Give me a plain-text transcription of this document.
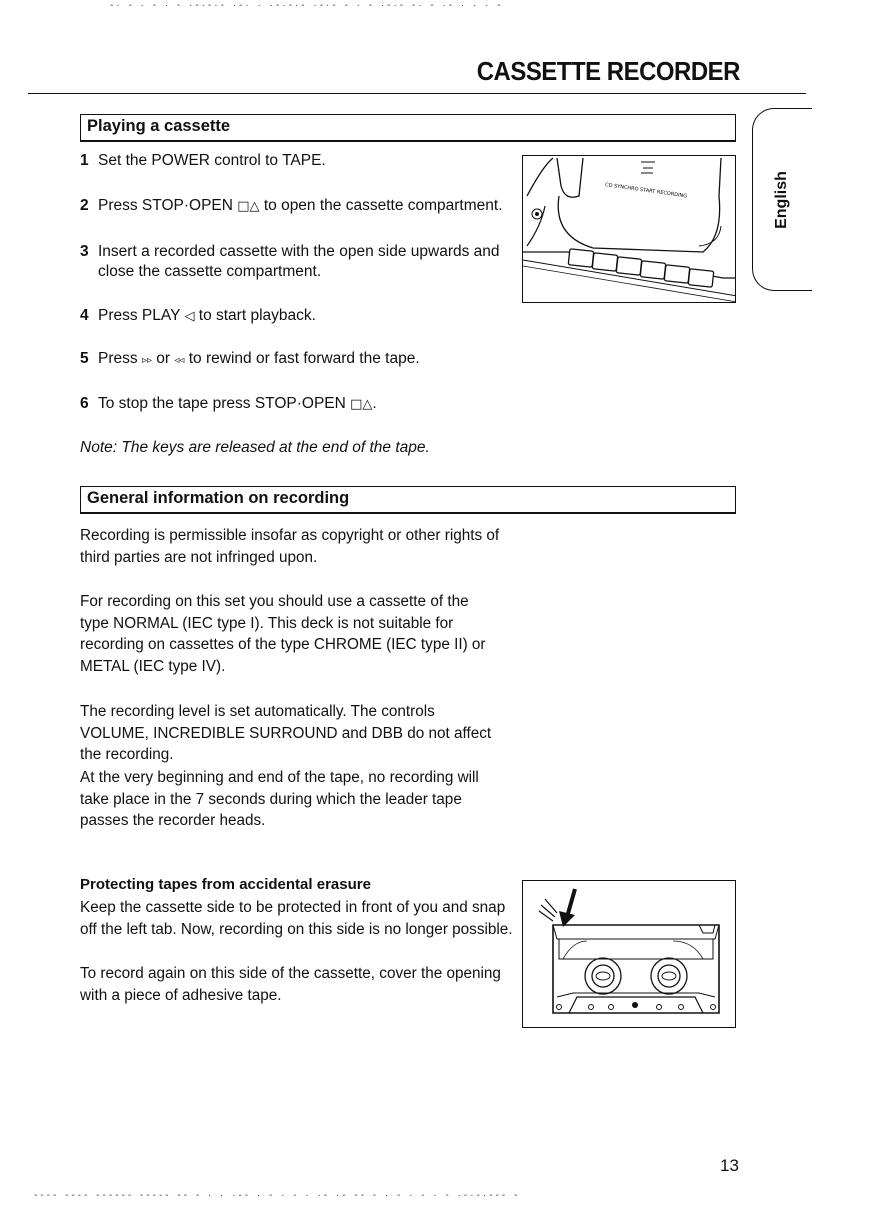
-· - · - · - ·-·-·- ·-· · ·-·-·- ·-·- - · - ·-·- -· - ·- · · · -
CASSETTE RECORDER
English
Playing a cassette
1 Set the POWER control to TAPE.
2 Press STOP·OPEN □△ to open the cassette compartment.
3 Insert a recorded cassette with the open side upwards and close the cassette compartment.
4 Press PLAY ◁ to start playback.
5 Press ▹▹ or ◃◃ to rewind or fast forward the tape.
6 To stop the tape press STOP·OPEN □△.
Note: The keys are released at the end of the tape.
CD SYNCHRO START RECORDING
General information on recording
Recording is permissible insofar as copyright or other rights of third parties are not infringed upon.
For recording on this set you should use a cassette of the type NORMAL (IEC type I). This deck is not suitable for recording on cassettes of the type CHROME (IEC type II) or METAL (IEC type IV).
The recording level is set automatically. The controls VOLUME, INCREDIBLE SURROUND and DBB do not affect the recording.
At the very beginning and end of the tape, no recording will take place in the 7 seconds during which the leader tape passes the recorder heads.
Protecting tapes from accidental erasure
Keep the cassette side to be protected in front of you and snap off the left tab. Now, recording on this side is no longer possible.
To record again on this side of the cassette, cover the opening with a piece of adhesive tape.
13
---- ---- ------ ----- -- - · · ·-- · - · - · ·- ·- -- - · - · - · - ·-·-·--- -
